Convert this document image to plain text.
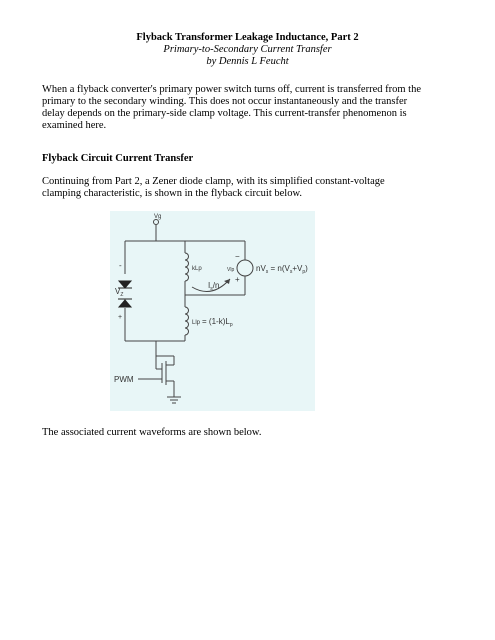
Flyback Transformer Leakage Inductance, Part 2
Primary-to-Secondary Current Transfer
by Dennis L Feucht
When a flyback converter's primary power switch turns off, current is transferred from the primary to the secondary winding. This does not occur instantaneously and the transfer delay depends on the primary-side clamp voltage. This current-transfer phenomenon is examined here.
Flyback Circuit Current Transfer
Continuing from Part 2, a Zener diode clamp, with its simplified constant-voltage clamping characteristic, is shown in the flyback circuit below.
Vg
-
$V_Z$
+
kLp	Vlp
−
+
$I_s/n$
$nV_s = n(V_s+V_p)$
Llp = $(1-k)L_p$
PWM
The associated current waveforms are shown below.
